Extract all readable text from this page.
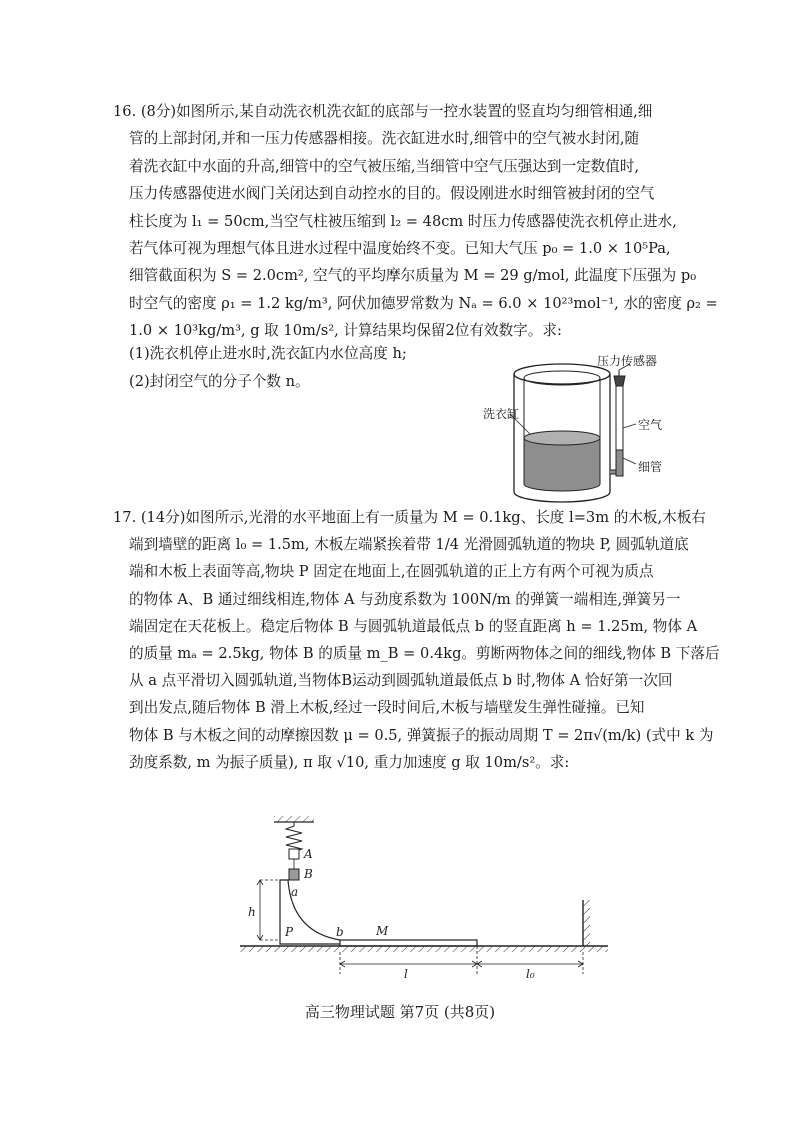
16. (8分)如图所示,某自动洗衣机洗衣缸的底部与一控水装置的竖直均匀细管相通,细
管的上部封闭,并和一压力传感器相接。洗衣缸进水时,细管中的空气被水封闭,随
着洗衣缸中水面的升高,细管中的空气被压缩,当细管中空气压强达到一定数值时,
压力传感器使进水阀门关闭达到自动控水的目的。假设刚进水时细管被封闭的空气
柱长度为 l₁ = 50cm,当空气柱被压缩到 l₂ = 48cm 时压力传感器使洗衣机停止进水,
若气体可视为理想气体且进水过程中温度始终不变。已知大气压 p₀ = 1.0 × 10⁵Pa,
细管截面积为 S = 2.0cm², 空气的平均摩尔质量为 M = 29 g/mol, 此温度下压强为 p₀
时空气的密度 ρ₁ = 1.2 kg/m³, 阿伏加德罗常数为 Nₐ = 6.0 × 10²³mol⁻¹, 水的密度 ρ₂ =
1.0 × 10³kg/m³, g 取 10m/s², 计算结果均保留2位有效数字。求:
(1)洗衣机停止进水时,洗衣缸内水位高度 h;
(2)封闭空气的分子个数 n。
压力传感器
洗衣缸
空气
细管
17. (14分)如图所示,光滑的水平地面上有一质量为 M = 0.1kg、长度 l=3m 的木板,木板右
端到墙壁的距离 l₀ = 1.5m, 木板左端紧挨着带 1/4 光滑圆弧轨道的物块 P, 圆弧轨道底
端和木板上表面等高,物块 P 固定在地面上,在圆弧轨道的正上方有两个可视为质点
的物体 A、B 通过细线相连,物体 A 与劲度系数为 100N/m 的弹簧一端相连,弹簧另一
端固定在天花板上。稳定后物体 B 与圆弧轨道最低点 b 的竖直距离 h = 1.25m, 物体 A
的质量 mₐ = 2.5kg, 物体 B 的质量 m_B = 0.4kg。剪断两物体之间的细线,物体 B 下落后
从 a 点平滑切入圆弧轨道,当物体B运动到圆弧轨道最低点 b 时,物体 A 恰好第一次回
到出发点,随后物体 B 滑上木板,经过一段时间后,木板与墙壁发生弹性碰撞。已知
物体 B 与木板之间的动摩擦因数 μ = 0.5, 弹簧振子的振动周期 T = 2π√(m/k) (式中 k 为
劲度系数, m 为振子质量), π 取 √10, 重力加速度 g 取 10m/s²。求:
A
B
a
h
P	b	M
l	l₀
高三物理试题 第7页 (共8页)
